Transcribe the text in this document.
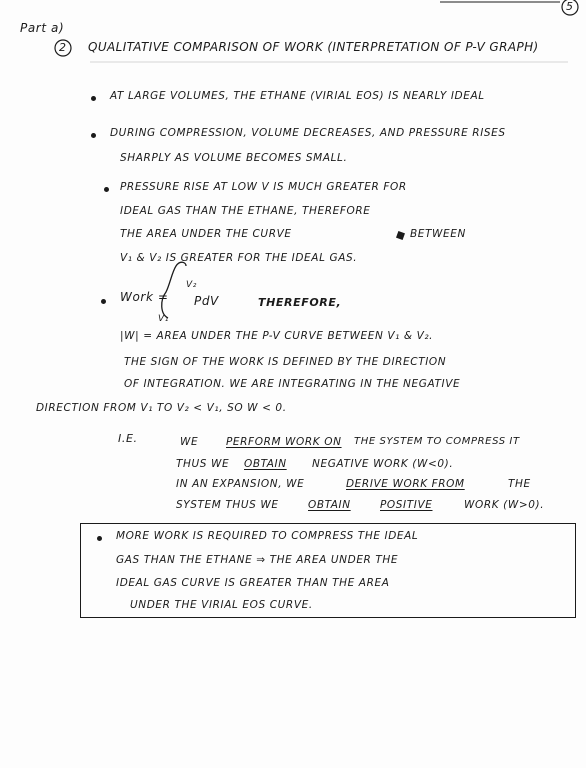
5
Part a)
2 QUALITATIVE COMPARISON OF WORK (INTERPRETATION OF P-V GRAPH)
AT LARGE VOLUMES, THE ETHANE (VIRIAL EOS) IS NEARLY IDEAL
DURING COMPRESSION, VOLUME DECREASES, AND PRESSURE RISES
SHARPLY AS VOLUME BECOMES SMALL.
PRESSURE RISE AT LOW V IS MUCH GREATER FOR
IDEAL GAS THAN THE ETHANE, THEREFORE
THE AREA UNDER THE CURVE	BETWEEN
V₁ & V₂ IS GREATER FOR THE IDEAL GAS.
Work =
V₂
V₁
PdV	THEREFORE,
|W| = AREA UNDER THE P-V CURVE BETWEEN V₁ & V₂.
THE SIGN OF THE WORK IS DEFINED BY THE DIRECTION
OF INTEGRATION. WE ARE INTEGRATING IN THE NEGATIVE
DIRECTION FROM V₁ TO V₂ < V₁, SO W < 0.
I.E.	WE	PERFORM WORK ON THE SYSTEM TO COMPRESS IT
THUS WE OBTAIN NEGATIVE WORK (W<0).
IN AN EXPANSION, WE	DERIVE WORK FROM	THE
SYSTEM THUS WE	OBTAIN	POSITIVE	WORK (W>0).
MORE WORK IS REQUIRED TO COMPRESS THE IDEAL
GAS THAN THE ETHANE ⇒ THE AREA UNDER THE
IDEAL GAS CURVE IS GREATER THAN THE AREA
UNDER THE VIRIAL EOS CURVE.
